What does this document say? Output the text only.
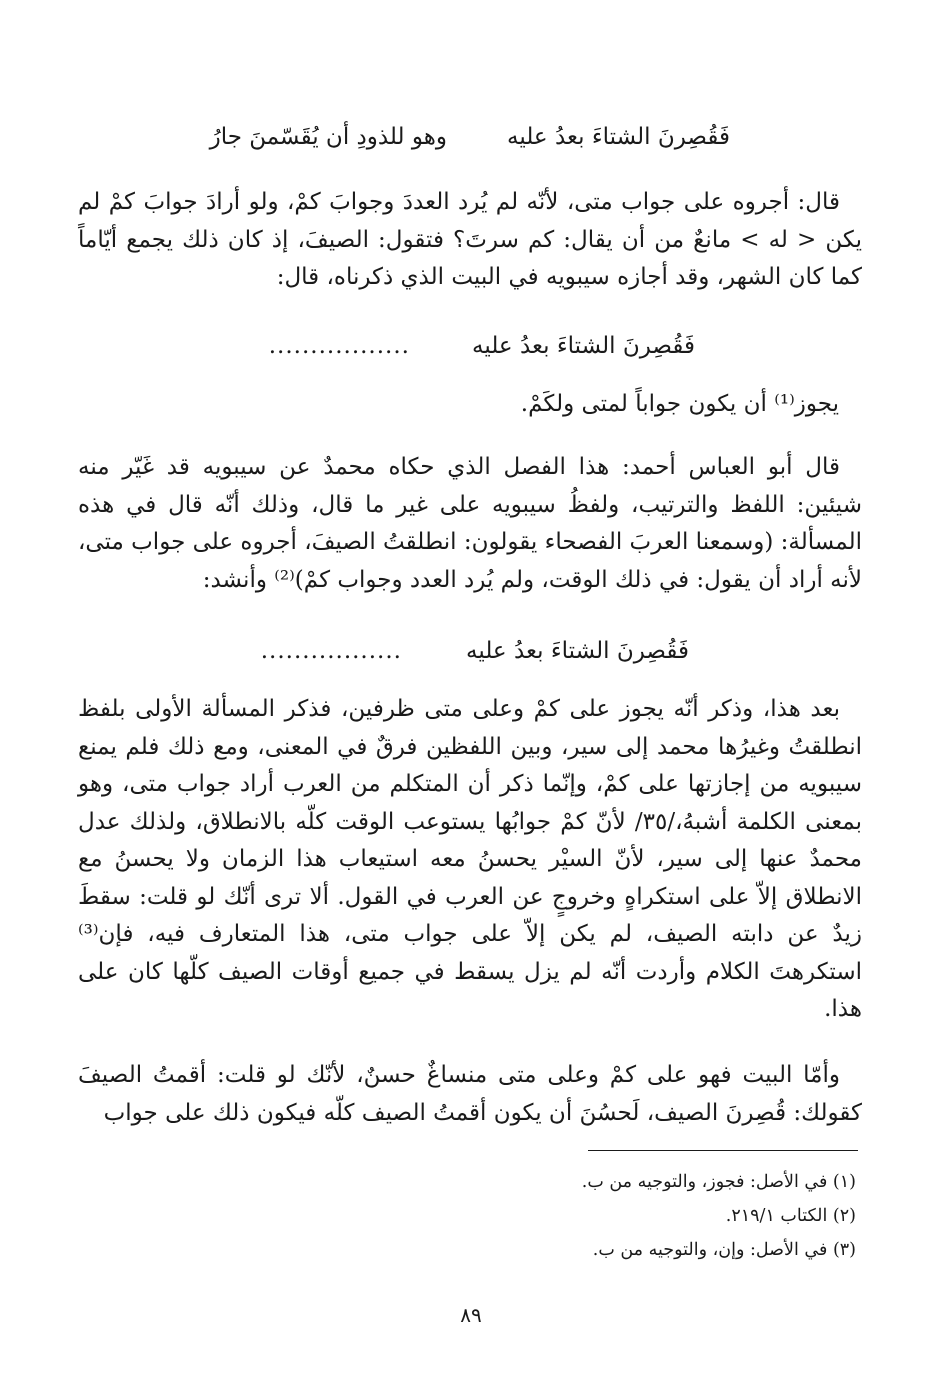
فَقُصِرنَ الشتاءَ بعدُ عليه
وهو للذودِ أن يُقَسّمنَ جارُ

قال: أجروه على جواب متى، لأنّه لم يُرد العددَ وجوابَ كمْ، ولو أرادَ جوابَ كمْ لم يكن < له > مانعٌ من أن يقال: كم سرتَ؟ فتقول: الصيفَ، إذ كان ذلك يجمع أيّاماً كما كان الشهر، وقد أجازه سيبويه في البيت الذي ذكرناه، قال:

فَقُصِرنَ الشتاءَ بعدُ عليه
.................
يجوز⁽¹⁾ أن يكون جواباً لمتى ولكَمْ.

قال أبو العباس أحمد: هذا الفصل الذي حكاه محمدٌ عن سيبويه قد غَيّر منه شيئين: اللفظ والترتيب، ولفظُ سيبويه على غير ما قال، وذلك أنّه قال في هذه المسألة: (وسمعنا العربَ الفصحاء يقولون: انطلقتُ الصيفَ، أجروه على جواب متى، لأنه أراد أن يقول: في ذلك الوقت، ولم يُرد العدد وجواب كمْ)⁽²⁾ وأنشد:

فَقُصِرنَ الشتاءَ بعدُ عليه
.................

بعد هذا، وذكر أنّه يجوز على كمْ وعلى متى ظرفين، فذكر المسألة الأولى بلفظ انطلقتُ وغيرُها محمد إلى سير، وبين اللفظين فرقٌ في المعنى، ومع ذلك فلم يمنع سيبويه من إجازتها على كمْ، وإنّما ذكر أن المتكلم من العرب أراد جواب متى، وهو بمعنى الكلمة أشبهُ،/٣٥/ لأنّ كمْ جوابُها يستوعب الوقت كلّه بالانطلاق، ولذلك عدل محمدٌ عنها إلى سير، لأنّ السيْر يحسنُ معه استيعاب هذا الزمان ولا يحسنُ مع الانطلاق إلاّ على استكراهٍ وخروجٍ عن العرب في القول. ألا ترى أنّك لو قلت: سقطَ زيدٌ عن دابته الصيف، لم يكن إلاّ على جواب متى، هذا المتعارف فيه، فإن⁽³⁾ استكرهتَ الكلام وأردت أنّه لم يزل يسقط في جميع أوقات الصيف كلّها كان على هذا.

وأمّا البيت فهو على كمْ وعلى متى منساغٌ حسنٌ، لأنّك لو قلت: أقمتُ الصيفَ كقولك: قُصِرنَ الصيف، لَحسُنَ أن يكون أقمتُ الصيف كلّه فيكون ذلك على جواب

(١) في الأصل: فجوز، والتوجيه من ب.
(٢) الكتاب ٢١٩/١.
(٣) في الأصل: وإن، والتوجيه من ب.
٨٩
